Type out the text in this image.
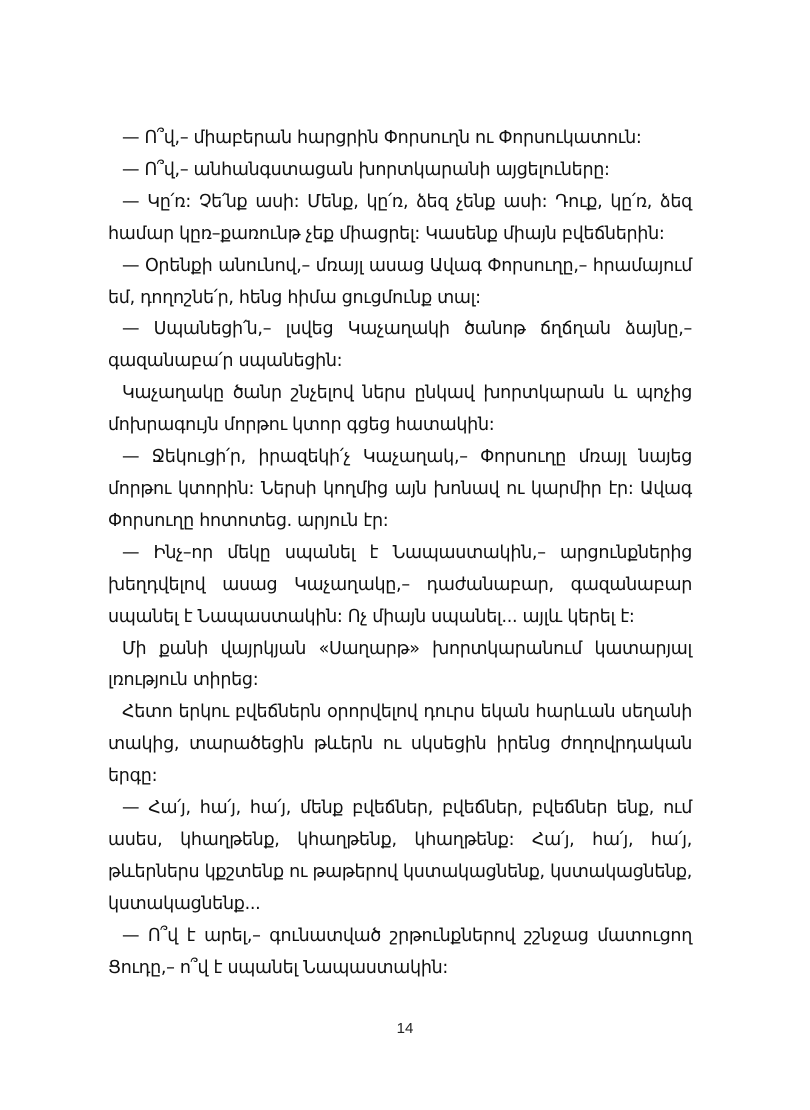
— Ո՞վ,– միաբերան հարցրին Փորսուղն ու Փորսուկատուն:

— Ո՞վ,– անհանգստացան խորտկարանի այցելուները:

— Կը՛ռ: Չե՛նք ասի: Մենք, կը՛ռ, ձեզ չենք ասի: Դուք, կը՛ռ, ձեզ համար կըռ–քառունթ չեք միացրել: Կասենք միայն բվեճներին:

— Օրենքի անունով,– մռայլ ասաց Ավագ Փորսուղը,– հրամայում եմ, դողոշնե՛ր, հենց հիմա ցուցմունք տալ:

— Սպանեցի՛ն,– լսվեց Կաչաղակի ծանոթ ճղճղան ձայնը,– գազանաբա՛ր սպանեցին:

Կաչաղակը ծանր շնչելով ներս ընկավ խորտկարան և պոչից մոխրագույն մորթու կտոր գցեց հատակին:

— Ջեկուցի՛ր, իրազեկի՛չ Կաչաղակ,– Փորսուղը մռայլ նայեց մորթու կտորին: Ներսի կողմից այն խոնավ ու կարմիր էր: Ավագ Փորսուղը հոտոտեց. արյուն էր:

— Ինչ–որ մեկը սպանել է Նապաստակին,– արցունքներից խեղդվելով ասաց Կաչաղակը,– դաժանաբար, գազանաբար սպանել է Նապաստակին: Ոչ միայն սպանել... այլև կերել է:

Մի քանի վայրկյան «Սաղարթ» խորտկարանում կատարյալ լռություն տիրեց:

Հետո երկու բվեճներն օրորվելով դուրս եկան հարևան սեղանի տակից, տարածեցին թևերն ու սկսեցին իրենց ժողովրդական երգը:

— Հա՛յ, հա՛յ, հա՛յ, մենք բվեճներ, բվեճներ, բվեճներ ենք, ում ասես, կհաղթենք, կհաղթենք, կհաղթենք: Հա՛յ, հա՛յ, հա՛յ, թևերներս կքշտենք ու թաթերով կստակացնենք, կստակացնենք, կստակացնենք...

— Ո՞վ է արել,– գունատված շրթունքներով շշնջաց մատուցող Ցուդը,– ո՞վ է սպանել Նապաստակին:

14
